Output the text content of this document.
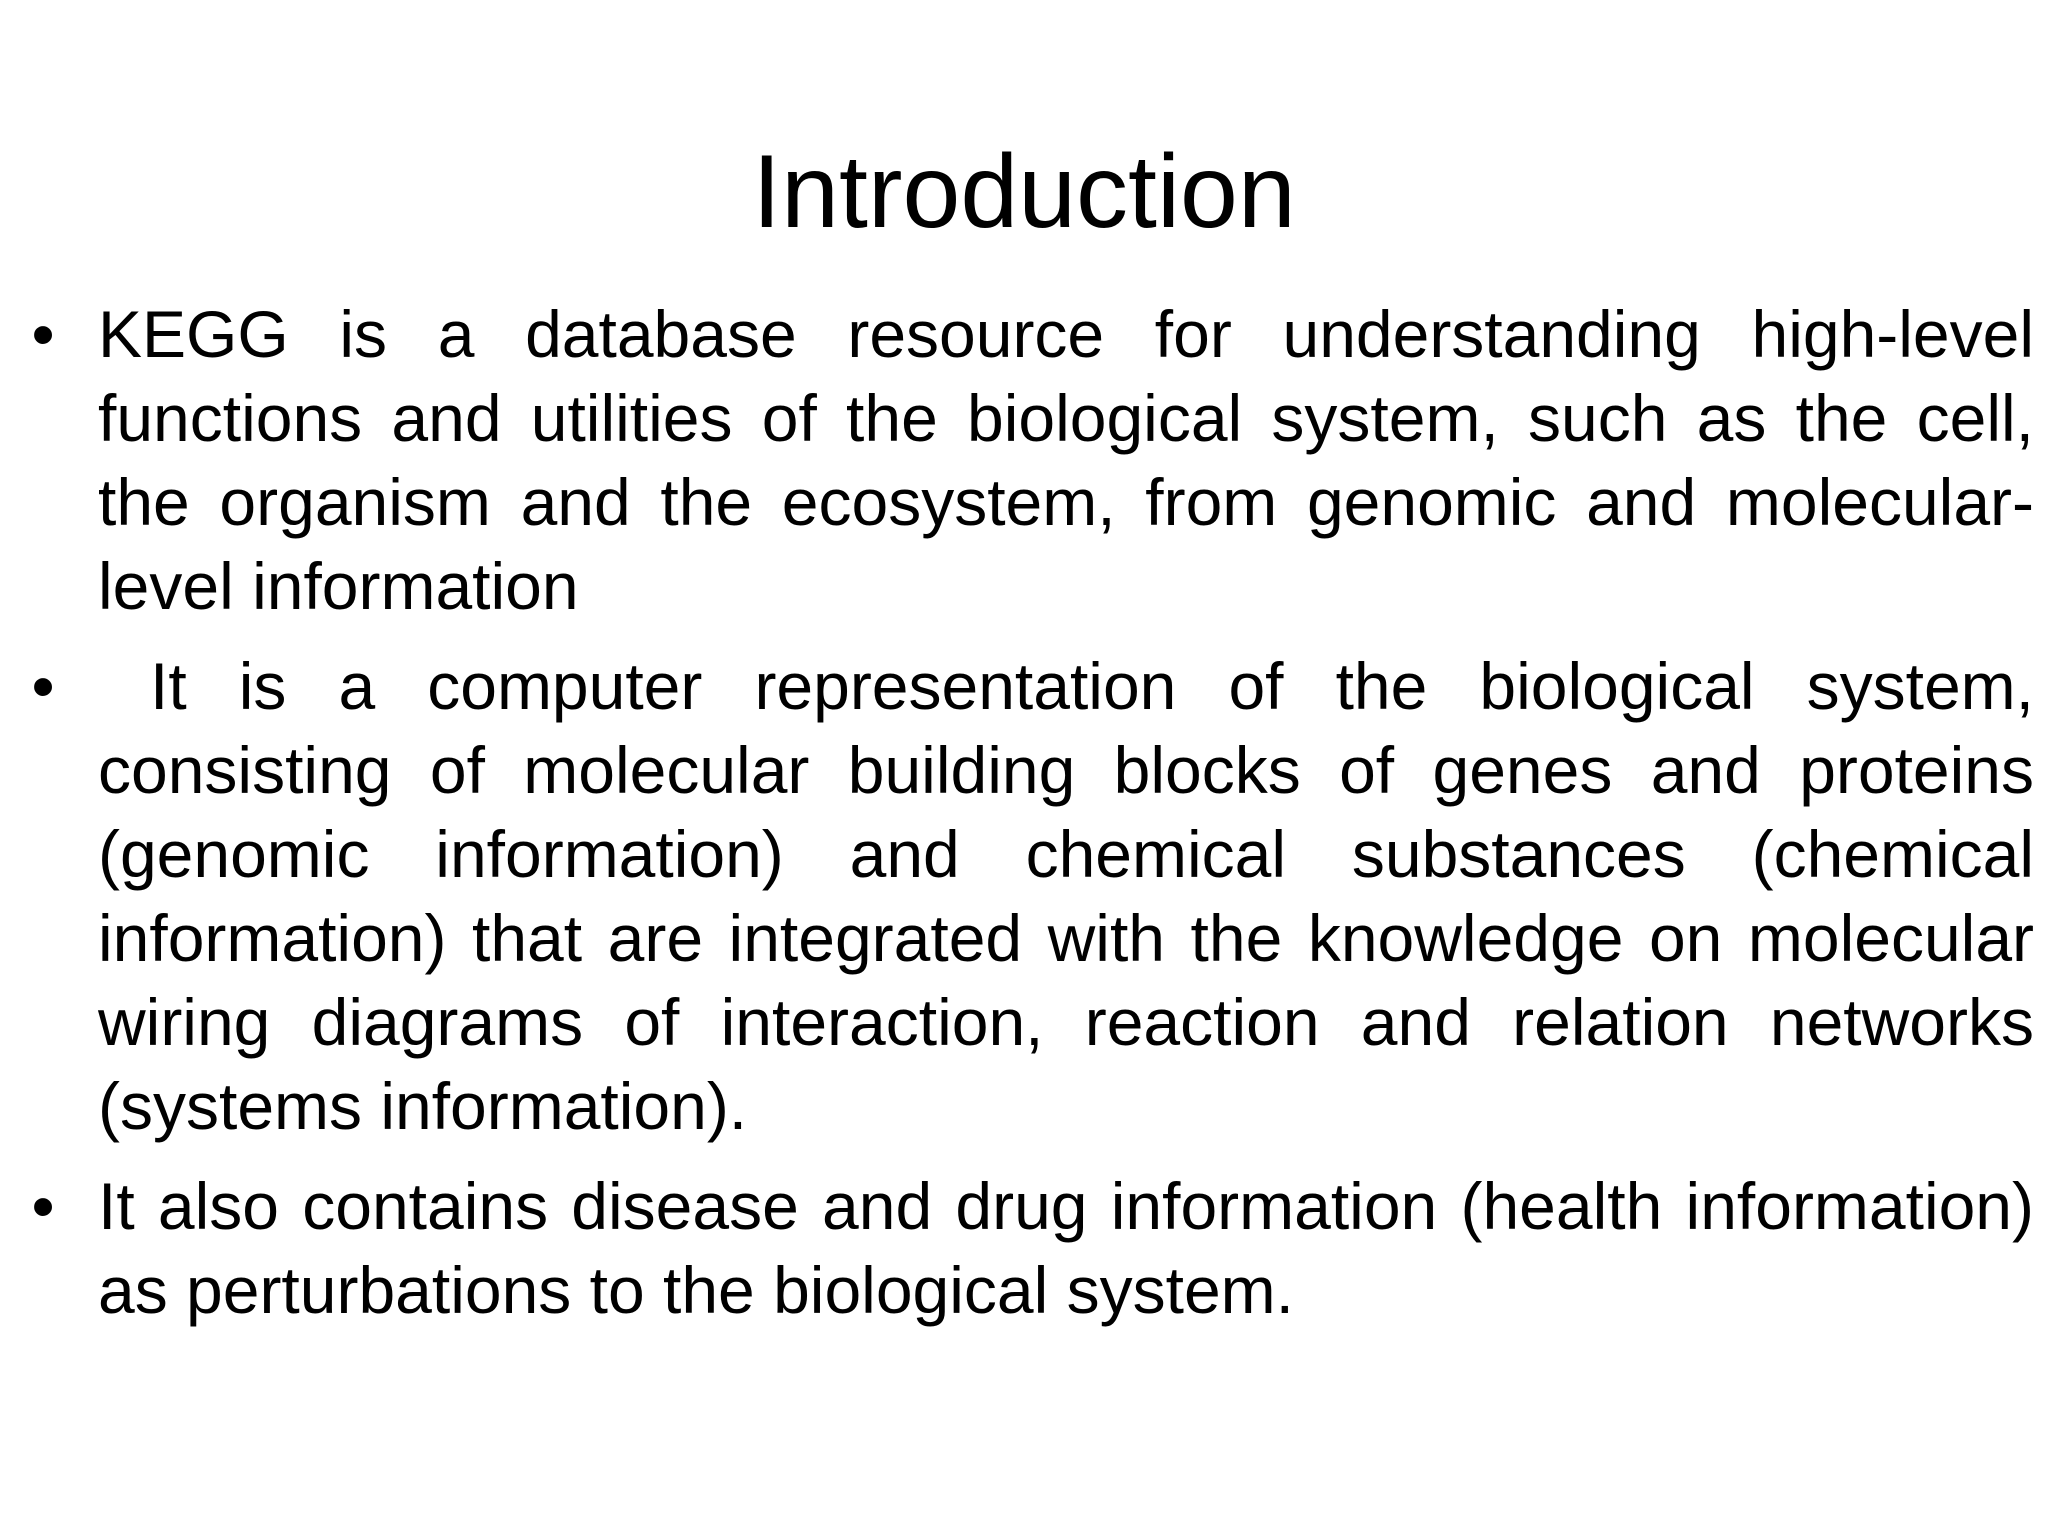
Introduction
• KEGG is a database resource for understanding high-level functions and utilities of the biological system, such as the cell, the organism and the ecosystem, from genomic and molecular-level information
•	It is a computer representation of the biological system, consisting of molecular building blocks of genes and proteins (genomic information) and chemical substances (chemical information) that are integrated with the knowledge on molecular wiring diagrams of interaction, reaction and relation networks (systems information).
• It also contains disease and drug information (health information) as perturbations to the biological system.
